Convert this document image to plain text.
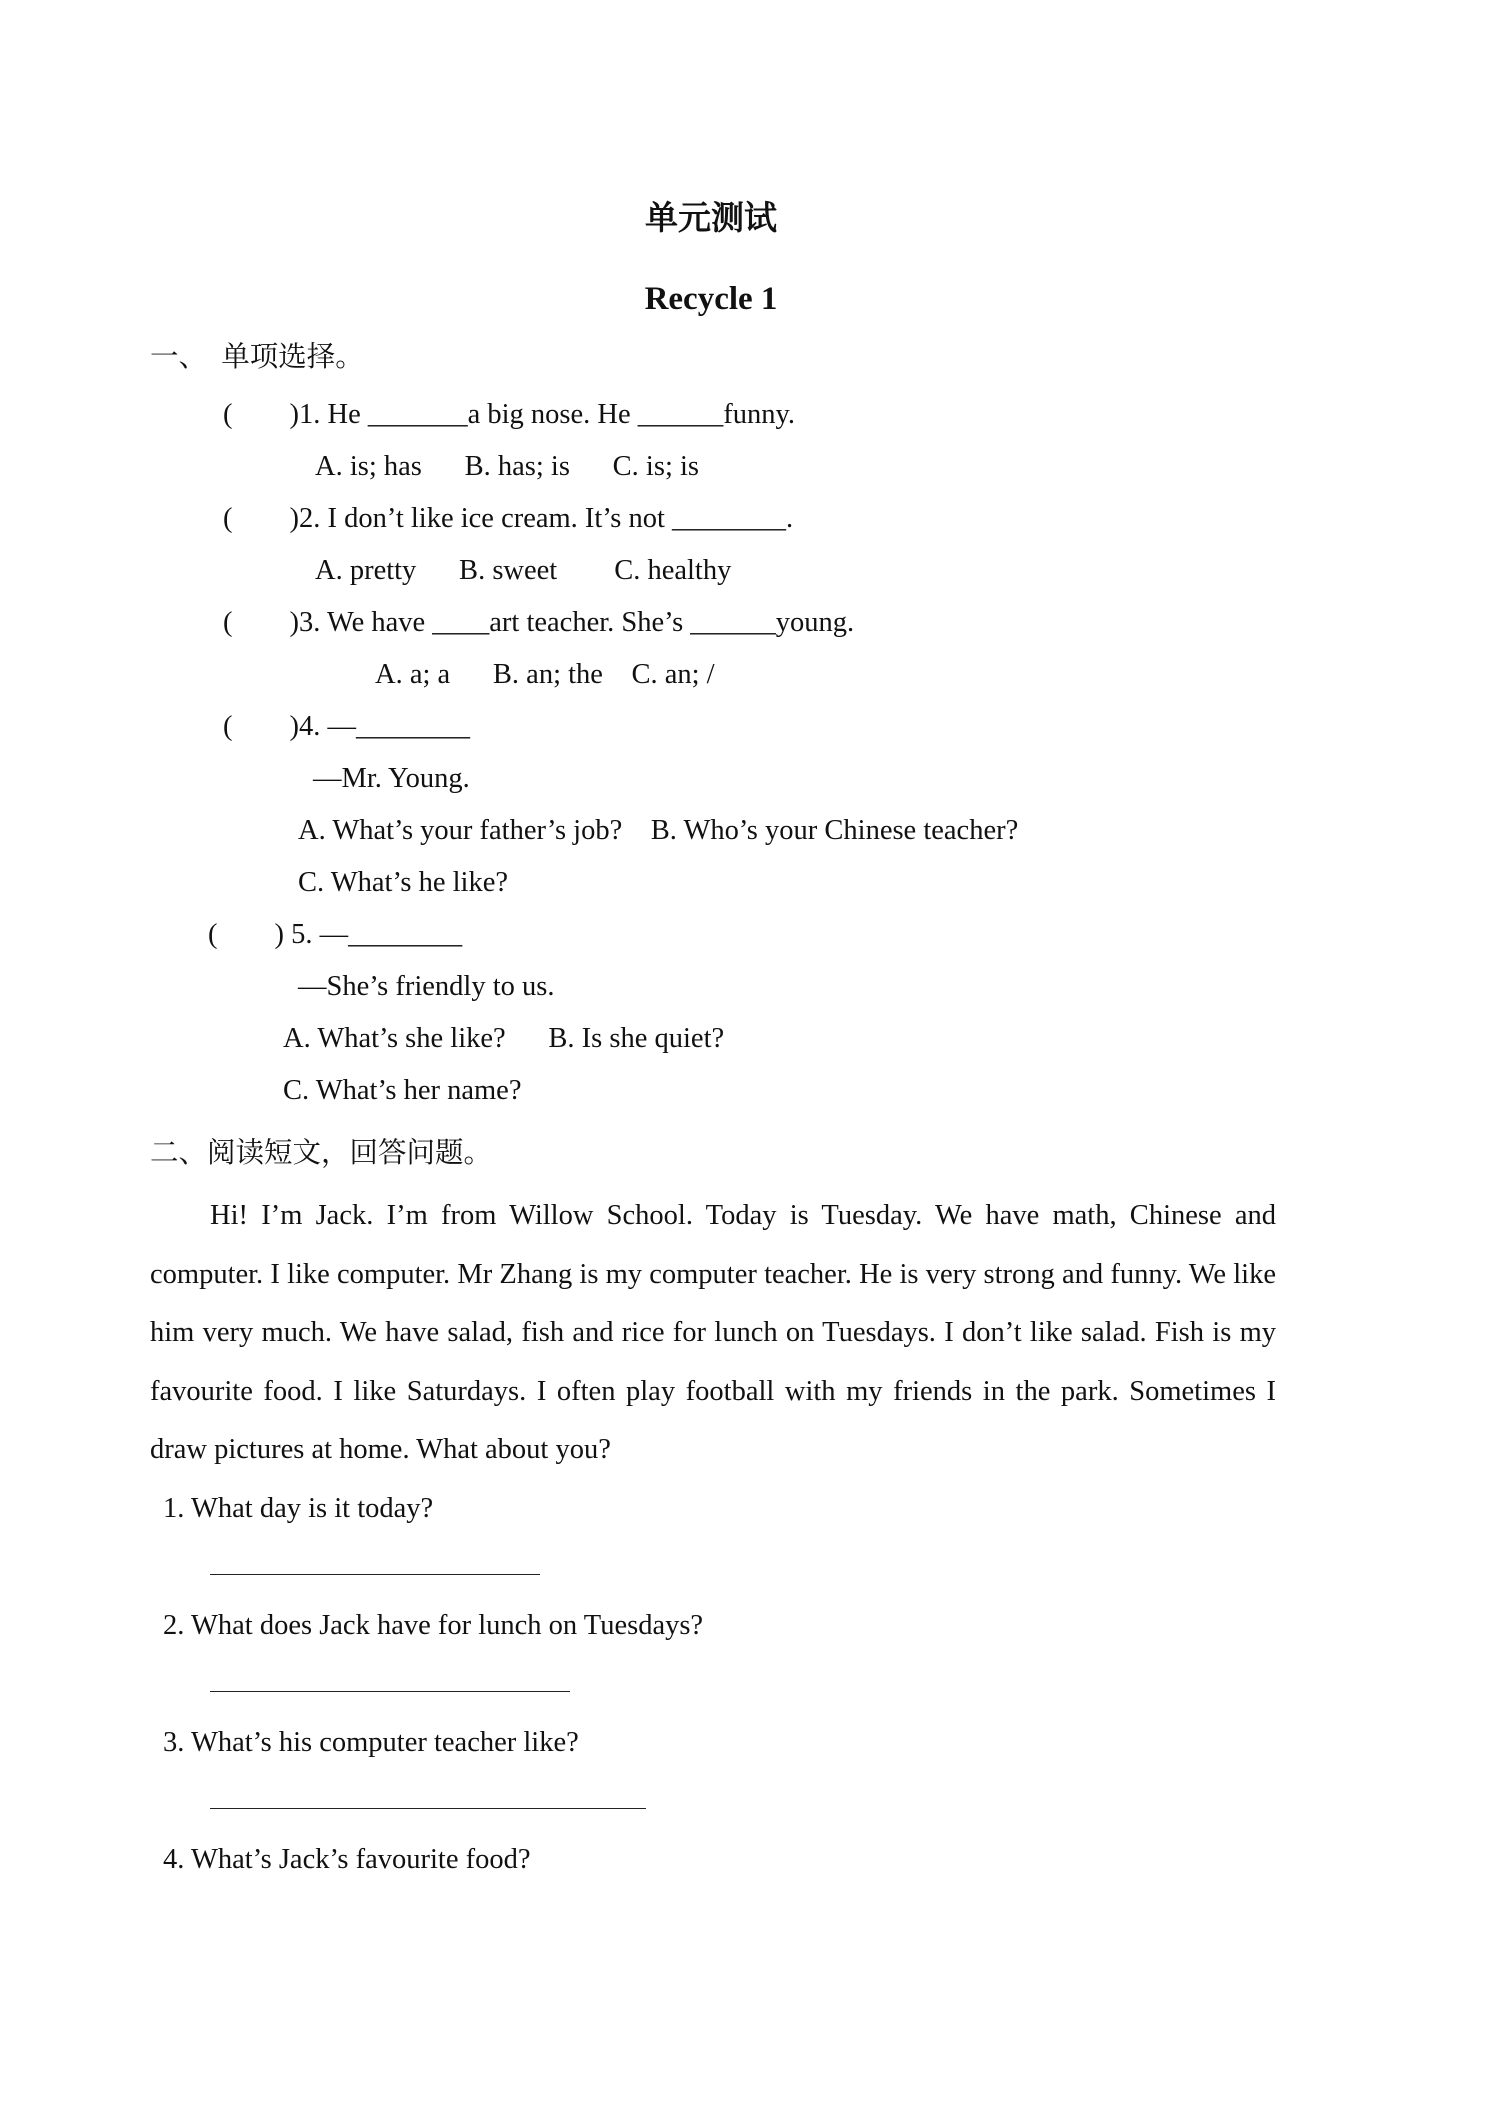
单元测试
Recycle 1
一、  单项选择。
(        )1. He _______a big nose. He ______funny.
A. is; has      B. has; is      C. is; is
(        )2. I don’t like ice cream. It’s not ________.
A. pretty      B. sweet        C. healthy
(        )3. We have ____art teacher. She’s ______young.
A. a; a      B. an; the    C. an; /
(        )4. —________
—Mr. Young.
A. What’s your father’s job?    B. Who’s your Chinese teacher?
C. What’s he like?
(        ) 5. —________
—She’s friendly to us.
A. What’s she like?      B. Is she quiet?
C. What’s her name?
二、阅读短文，回答问题。
Hi! I’m Jack. I’m from Willow School. Today is Tuesday. We have math, Chinese and computer. I like computer. Mr Zhang is my computer teacher. He is very strong and funny. We like him very much. We have salad, fish and rice for lunch on Tuesdays. I don’t like salad. Fish is my favourite food. I like Saturdays. I often play football with my friends in the park. Sometimes I draw pictures at home. What about you?
1. What day is it today?
2. What does Jack have for lunch on Tuesdays?
3. What’s his computer teacher like?
4. What’s Jack’s favourite food?
